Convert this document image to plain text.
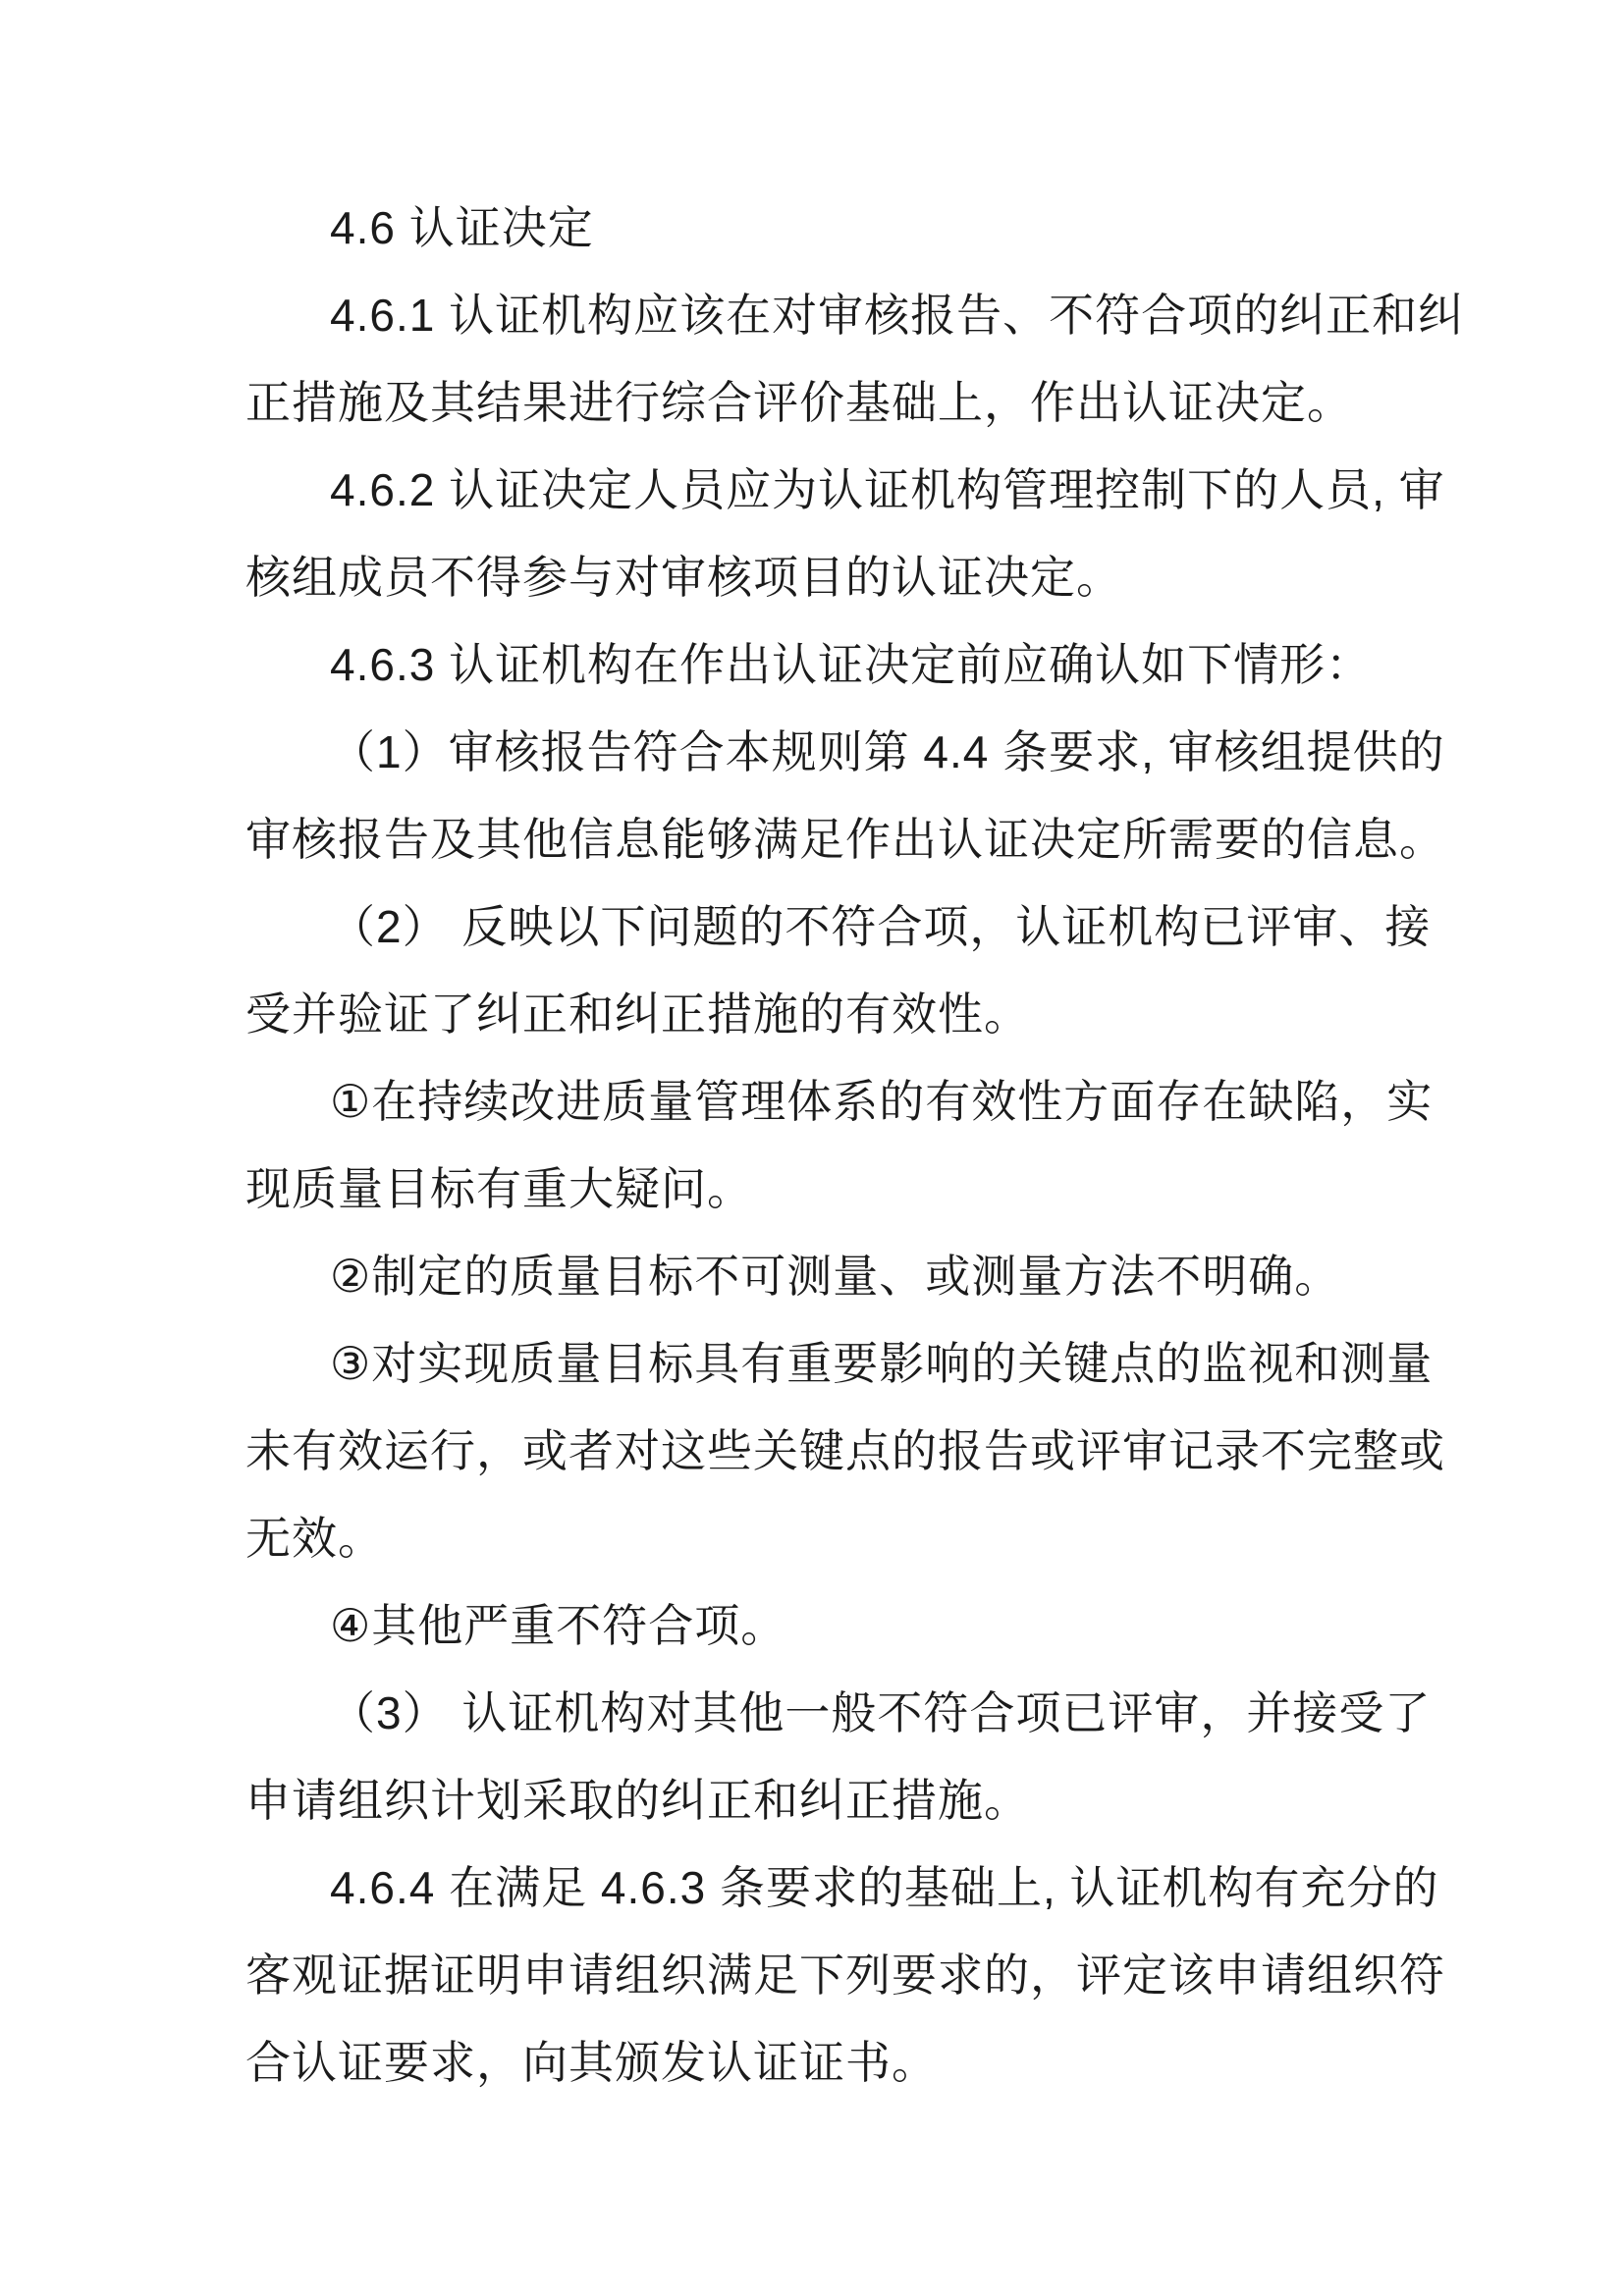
4.6 认证决定
4.6.1 认证机构应该在对审核报告、不符合项的纠正和纠
正措施及其结果进行综合评价基础上，作出认证决定。
4.6.2 认证决定人员应为认证机构管理控制下的人员, 审
核组成员不得参与对审核项目的认证决定。
4.6.3 认证机构在作出认证决定前应确认如下情形：
（1）审核报告符合本规则第 4.4 条要求, 审核组提供的
审核报告及其他信息能够满足作出认证决定所需要的信息。
（2） 反映以下问题的不符合项，认证机构已评审、接
受并验证了纠正和纠正措施的有效性。
①在持续改进质量管理体系的有效性方面存在缺陷，实
现质量目标有重大疑问。
②制定的质量目标不可测量、或测量方法不明确。
③对实现质量目标具有重要影响的关键点的监视和测量
未有效运行，或者对这些关键点的报告或评审记录不完整或
无效。
④其他严重不符合项。
（3） 认证机构对其他一般不符合项已评审，并接受了
申请组织计划采取的纠正和纠正措施。
4.6.4 在满足 4.6.3 条要求的基础上, 认证机构有充分的
客观证据证明申请组织满足下列要求的，评定该申请组织符
合认证要求，向其颁发认证证书。
